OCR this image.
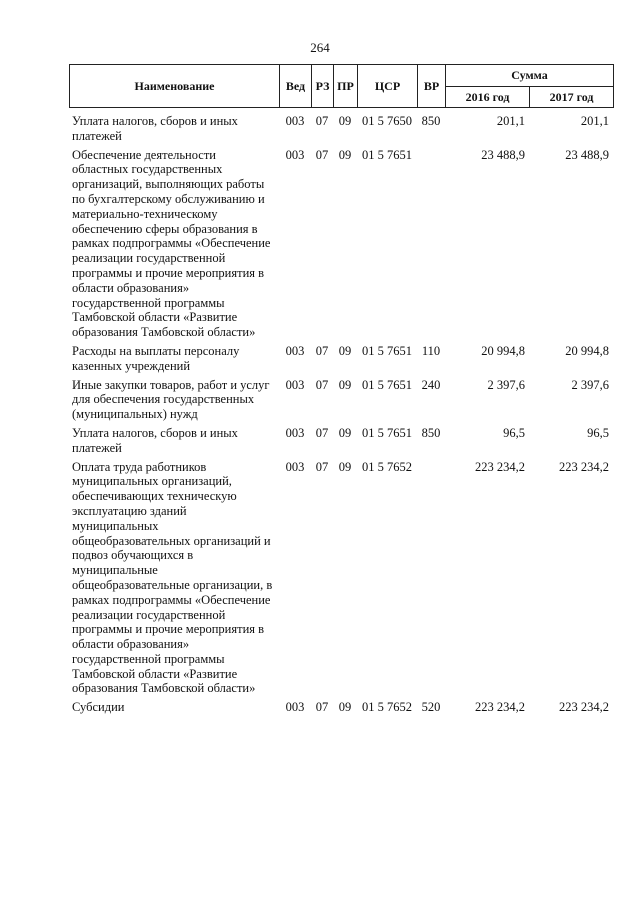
264
Наименование	Вед	РЗ	ПР	ЦСР	ВР	Сумма	
						2016 год	2017 год
Уплата налогов, сборов и иных платежей	003	07	09	01 5 7650	850	201,1	201,1
Обеспечение деятельности областных государственных организаций, выполняющих работы по бухгалтерскому обслуживанию и материально-техническому обеспечению сферы образования в рамках подпрограммы «Обеспечение реализации государственной программы и прочие мероприятия в области образования» государственной программы Тамбовской области «Развитие образования Тамбовской области»	003	07	09	01 5 7651		23 488,9	23 488,9
Расходы на выплаты персоналу казенных учреждений	003	07	09	01 5 7651	110	20 994,8	20 994,8
Иные закупки товаров, работ и услуг для обеспечения государственных (муниципальных) нужд	003	07	09	01 5 7651	240	2 397,6	2 397,6
Уплата налогов, сборов и иных платежей	003	07	09	01 5 7651	850	96,5	96,5
Оплата труда работников муниципальных организаций, обеспечивающих техническую эксплуатацию зданий муниципальных общеобразовательных организаций и подвоз обучающихся в муниципальные общеобразовательные организации, в рамках подпрограммы «Обеспечение реализации государственной программы и прочие мероприятия в области образования» государственной программы Тамбовской области «Развитие образования Тамбовской области»	003	07	09	01 5 7652		223 234,2	223 234,2
Субсидии	003	07	09	01 5 7652	520	223 234,2	223 234,2
